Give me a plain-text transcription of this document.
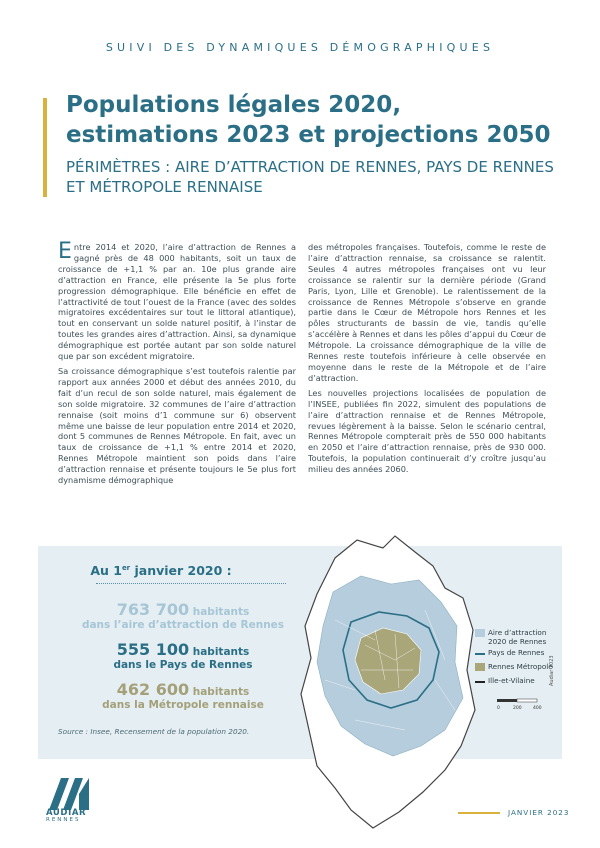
SUIVI DES DYNAMIQUES DÉMOGRAPHIQUES
Populations légales 2020,
estimations 2023 et projections 2050
PÉRIMÈTRES : AIRE D’ATTRACTION DE RENNES, PAYS DE RENNES ET MÉTROPOLE RENNAISE

Entre 2014 et 2020, l’aire d’attraction de Rennes a gagné près de 48 000 habitants, soit un taux de croissance de +1,1 % par an. 10e plus grande aire d’attraction en France, elle présente la 5e plus forte progression démographique. Elle bénéficie en effet de l’attractivité de tout l’ouest de la France (avec des soldes migratoires excédentaires sur tout le littoral atlantique), tout en conservant un solde naturel positif, à l’instar de toutes les grandes aires d’attraction. Ainsi, sa dynamique démographique est portée autant par son solde naturel que par son excédent migratoire.

Sa croissance démographique s’est toutefois ralentie par rapport aux années 2000 et début des années 2010, du fait d’un recul de son solde naturel, mais également de son solde migratoire. 32 communes de l’aire d’attraction rennaise (soit moins d’1 commune sur 6) observent même une baisse de leur population entre 2014 et 2020, dont 5 communes de Rennes Métropole. En fait, avec un taux de croissance de +1,1 % entre 2014 et 2020, Rennes Métropole maintient son poids dans l’aire d’attraction rennaise et présente toujours le 5e plus fort dynamisme démographique

des métropoles françaises. Toutefois, comme le reste de l’aire d’attraction rennaise, sa croissance se ralentit. Seules 4 autres métropoles françaises ont vu leur croissance se ralentir sur la dernière période (Grand Paris, Lyon, Lille et Grenoble). Le ralentissement de la croissance de Rennes Métropole s’observe en grande partie dans le Cœur de Métropole hors Rennes et les pôles structurants de bassin de vie, tandis qu’elle s’accélère à Rennes et dans les pôles d’appui du Cœur de Métropole. La croissance démographique de la ville de Rennes reste toutefois inférieure à celle observée en moyenne dans le reste de la Métropole et de l’aire d’attraction.

Les nouvelles projections localisées de population de l’INSEE, publiées fin 2022, simulent des populations de l’aire d’attraction rennaise et de Rennes Métropole, revues légèrement à la baisse. Selon le scénario central, Rennes Métropole compterait près de 550 000 habitants en 2050 et l’aire d’attraction rennaise, près de 930 000. Toutefois, la population continuerait d’y croître jusqu’au milieu des années 2060.

Au 1er janvier 2020 :
763 700 habitants
dans l’aire d’attraction de Rennes
555 100 habitants
dans le Pays de Rennes
462 600 habitants
dans la Métropole rennaise
Source : Insee, Recensement de la population 2020.
Aire d’attraction 2020 de Rennes
Pays de Rennes
Rennes Métropole
Ille-et-Vilaine
0	200	400
Audiar 2023
AUDIAR
RENNES
JANVIER 2023
